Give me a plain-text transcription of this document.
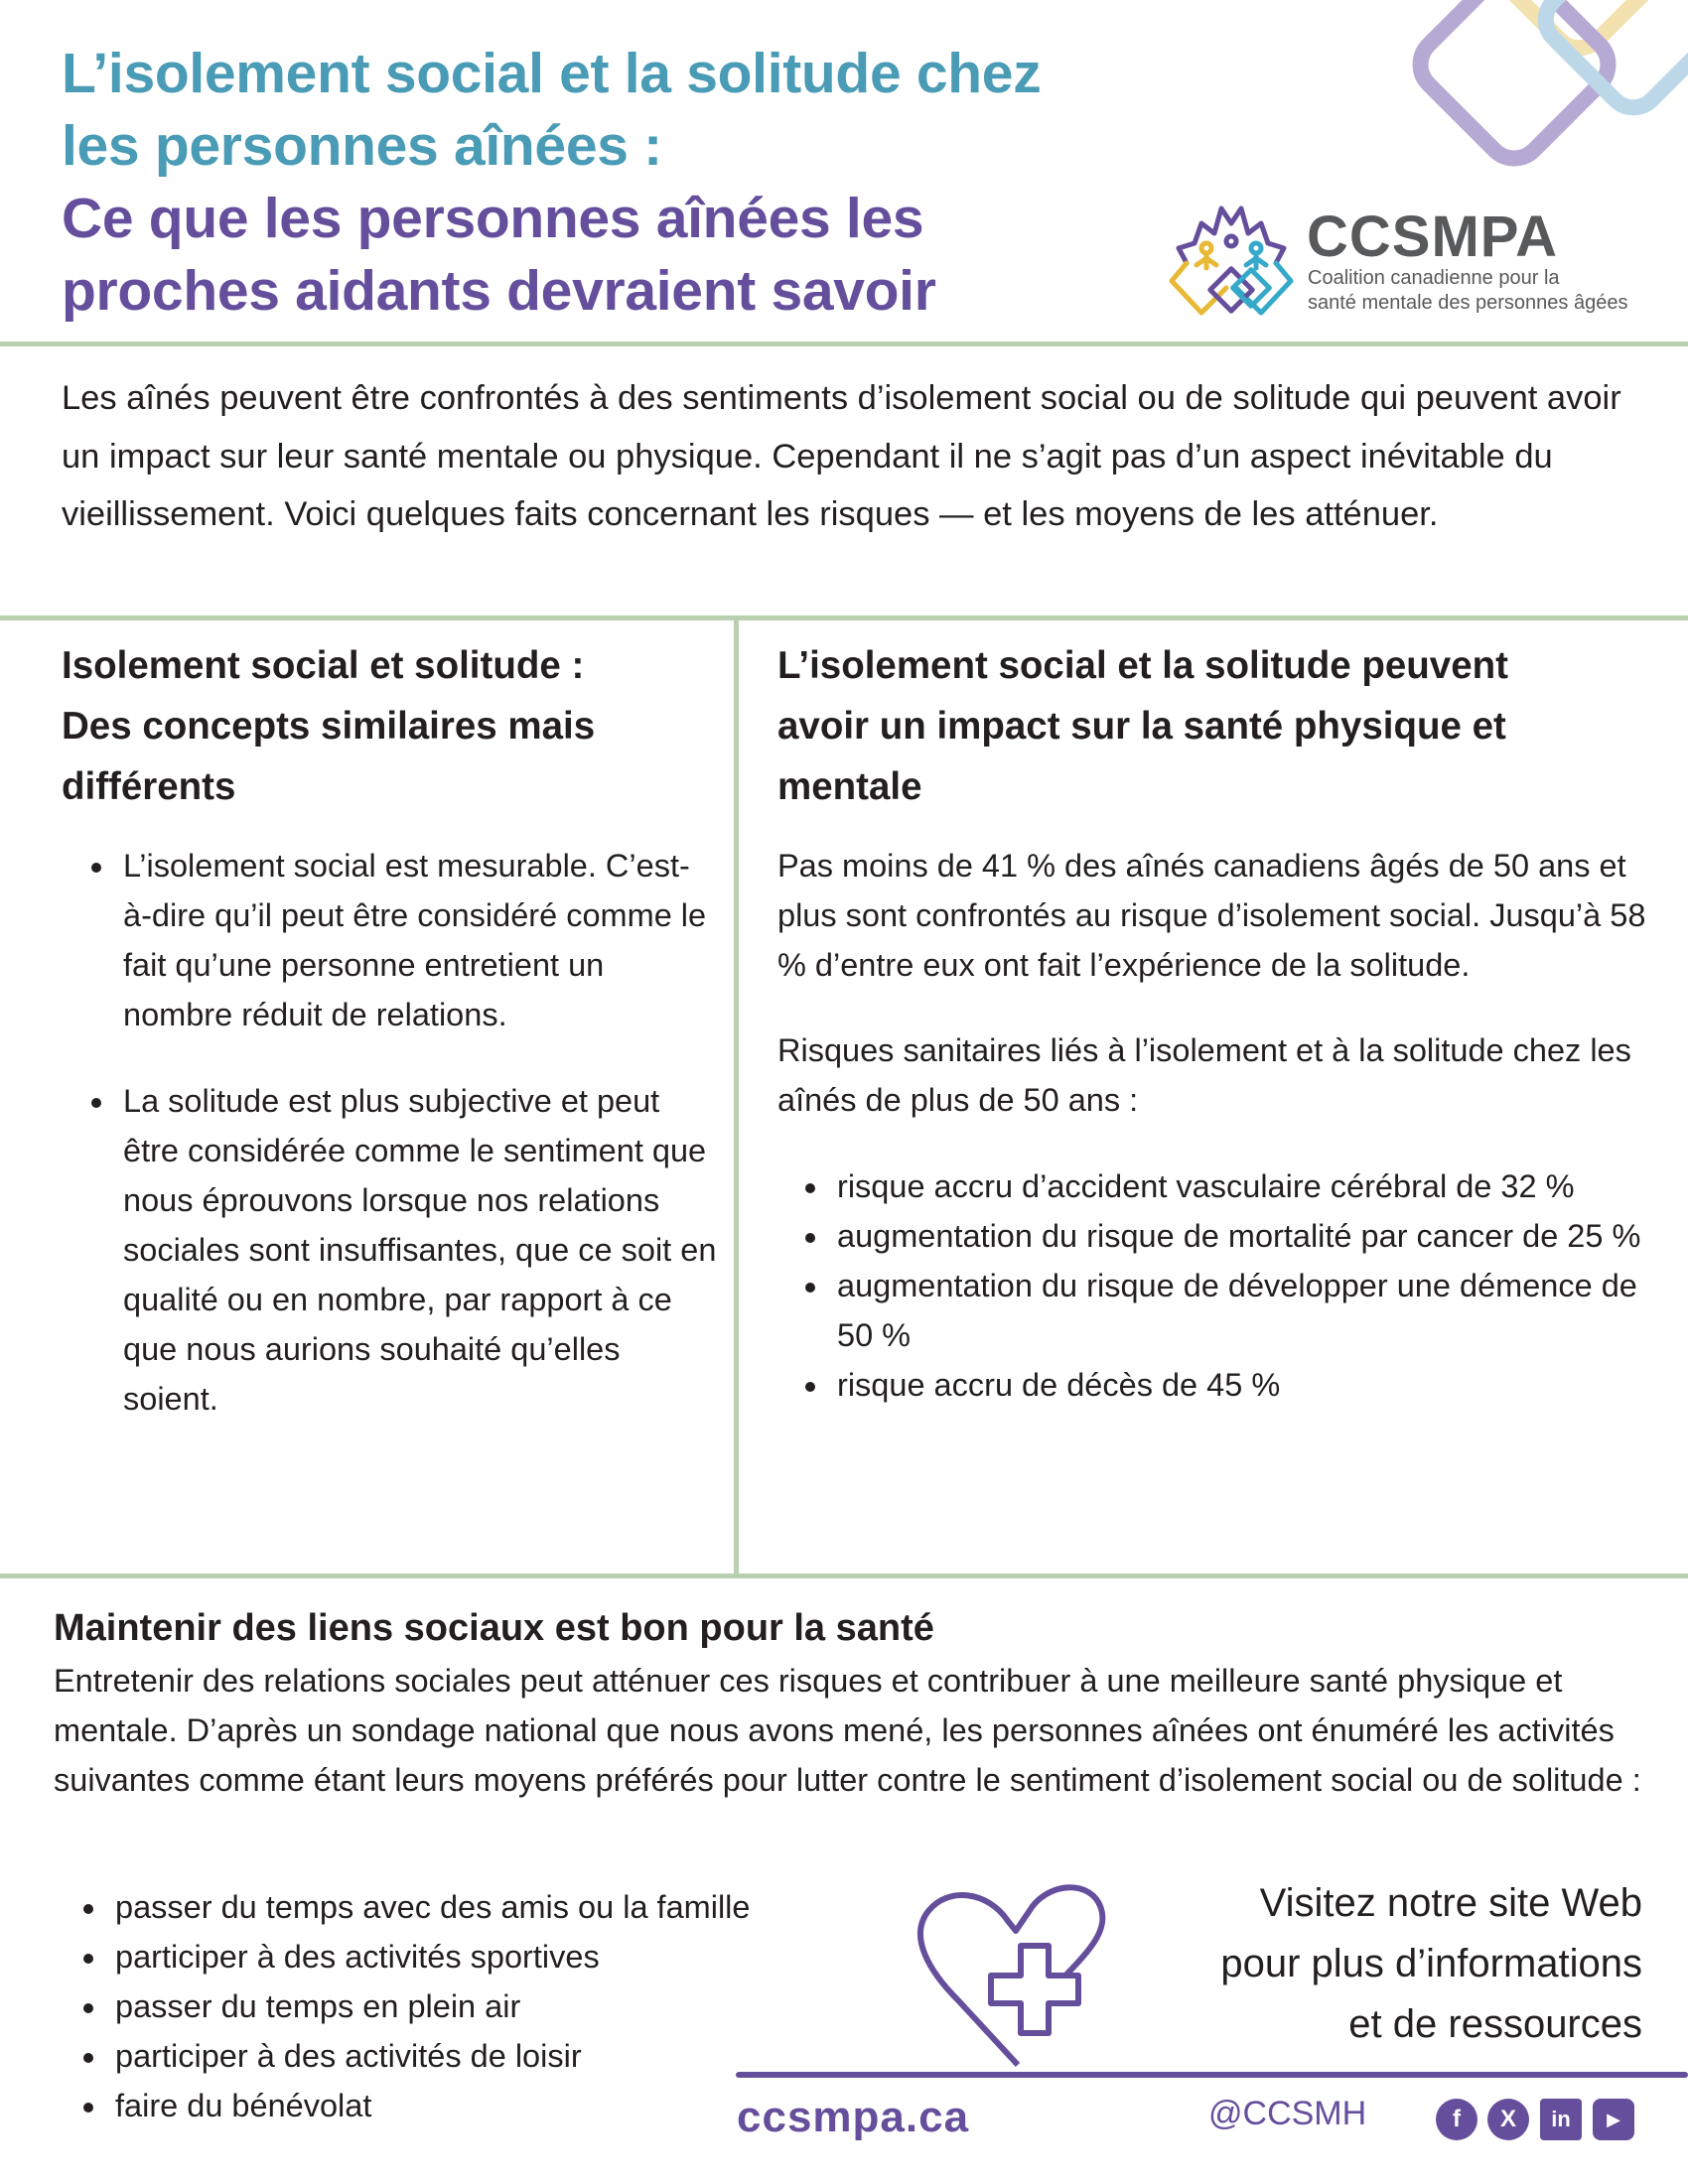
L’isolement social et la solitude chez
les personnes aînées :
Ce que les personnes aînées les
proches aidants devraient savoir
CCSMPA
Coalition canadienne pour la
santé mentale des personnes âgées

Les aînés peuvent être confrontés à des sentiments d’isolement social ou de solitude qui peuvent avoir un impact sur leur santé mentale ou physique. Cependant il ne s’agit pas d’un aspect inévitable du vieillissement. Voici quelques faits concernant les risques — et les moyens de les atténuer.

Isolement social et solitude :
Des concepts similaires mais
différents
L’isolement social est mesurable. C’est-à-dire qu’il peut être considéré comme le fait qu’une personne entretient un nombre réduit de relations.
La solitude est plus subjective et peut être considérée comme le sentiment que nous éprouvons lorsque nos relations sociales sont insuffisantes, que ce soit en qualité ou en nombre, par rapport à ce que nous aurions souhaité qu’elles soient.
L’isolement social et la solitude peuvent
avoir un impact sur la santé physique et
mentale

Pas moins de 41 % des aînés canadiens âgés de 50 ans et plus sont confrontés au risque d’isolement social. Jusqu’à 58 % d’entre eux ont fait l’expérience de la solitude.

Risques sanitaires liés à l’isolement et à la solitude chez les aînés de plus de 50 ans :

risque accru d’accident vasculaire cérébral de 32 %
augmentation du risque de mortalité par cancer de 25 %
augmentation du risque de développer une démence de 50 %
risque accru de décès de 45 %
Maintenir des liens sociaux est bon pour la santé

Entretenir des relations sociales peut atténuer ces risques et contribuer à une meilleure santé physique et mentale. D’après un sondage national que nous avons mené, les personnes aînées ont énuméré les activités suivantes comme étant leurs moyens préférés pour lutter contre le sentiment d’isolement social ou de solitude :

passer du temps avec des amis ou la famille
participer à des activités sportives
passer du temps en plein air
participer à des activités de loisir
faire du bénévolat
Visitez notre site Web
pour plus d’informations
et de ressources
ccsmpa.ca	@CCSMH	f	X	in	▶
